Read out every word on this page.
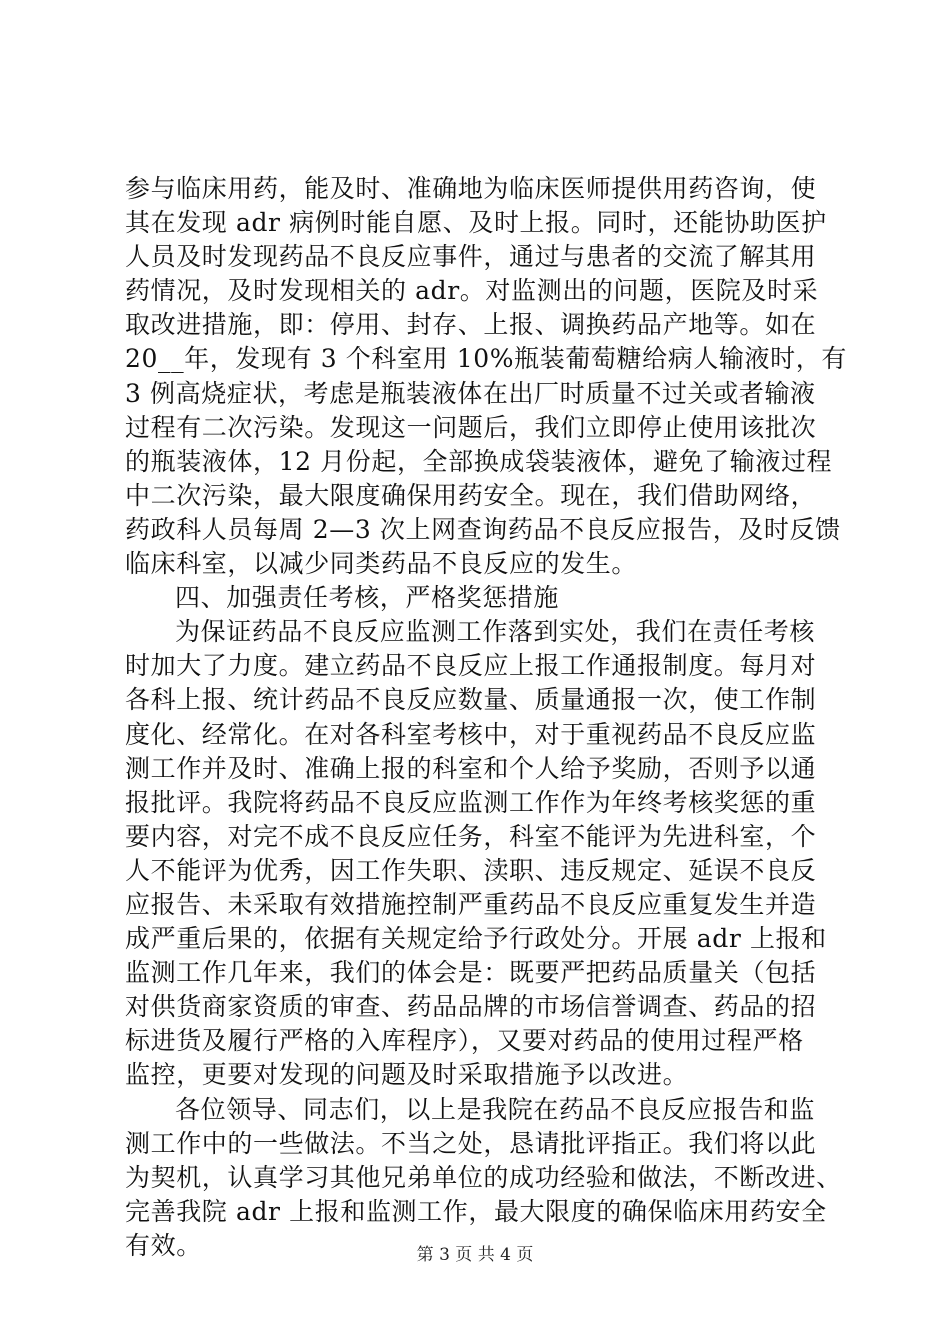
参与临床用药，能及时、准确地为临床医师提供用药咨询，使
其在发现 adr 病例时能自愿、及时上报。同时，还能协助医护
人员及时发现药品不良反应事件，通过与患者的交流了解其用
药情况，及时发现相关的 adr。对监测出的问题，医院及时采
取改进措施，即：停用、封存、上报、调换药品产地等。如在
20__年，发现有 3 个科室用 10%瓶装葡萄糖给病人输液时，有
3 例高烧症状，考虑是瓶装液体在出厂时质量不过关或者输液
过程有二次污染。发现这一问题后，我们立即停止使用该批次
的瓶装液体，12 月份起，全部换成袋装液体，避免了输液过程
中二次污染，最大限度确保用药安全。现在，我们借助网络，
药政科人员每周 2—3 次上网查询药品不良反应报告，及时反馈
临床科室，以减少同类药品不良反应的发生。
四、加强责任考核，严格奖惩措施
为保证药品不良反应监测工作落到实处，我们在责任考核
时加大了力度。建立药品不良反应上报工作通报制度。每月对
各科上报、统计药品不良反应数量、质量通报一次，使工作制
度化、经常化。在对各科室考核中，对于重视药品不良反应监
测工作并及时、准确上报的科室和个人给予奖励，否则予以通
报批评。我院将药品不良反应监测工作作为年终考核奖惩的重
要内容，对完不成不良反应任务，科室不能评为先进科室，个
人不能评为优秀，因工作失职、渎职、违反规定、延误不良反
应报告、未采取有效措施控制严重药品不良反应重复发生并造
成严重后果的，依据有关规定给予行政处分。开展 adr 上报和
监测工作几年来，我们的体会是：既要严把药品质量关（包括
对供货商家资质的审查、药品品牌的市场信誉调查、药品的招
标进货及履行严格的入库程序），又要对药品的使用过程严格
监控，更要对发现的问题及时采取措施予以改进。
各位领导、同志们，以上是我院在药品不良反应报告和监
测工作中的一些做法。不当之处，恳请批评指正。我们将以此
为契机，认真学习其他兄弟单位的成功经验和做法，不断改进、
完善我院 adr 上报和监测工作，最大限度的确保临床用药安全
有效。	第 3 页 共 4 页
